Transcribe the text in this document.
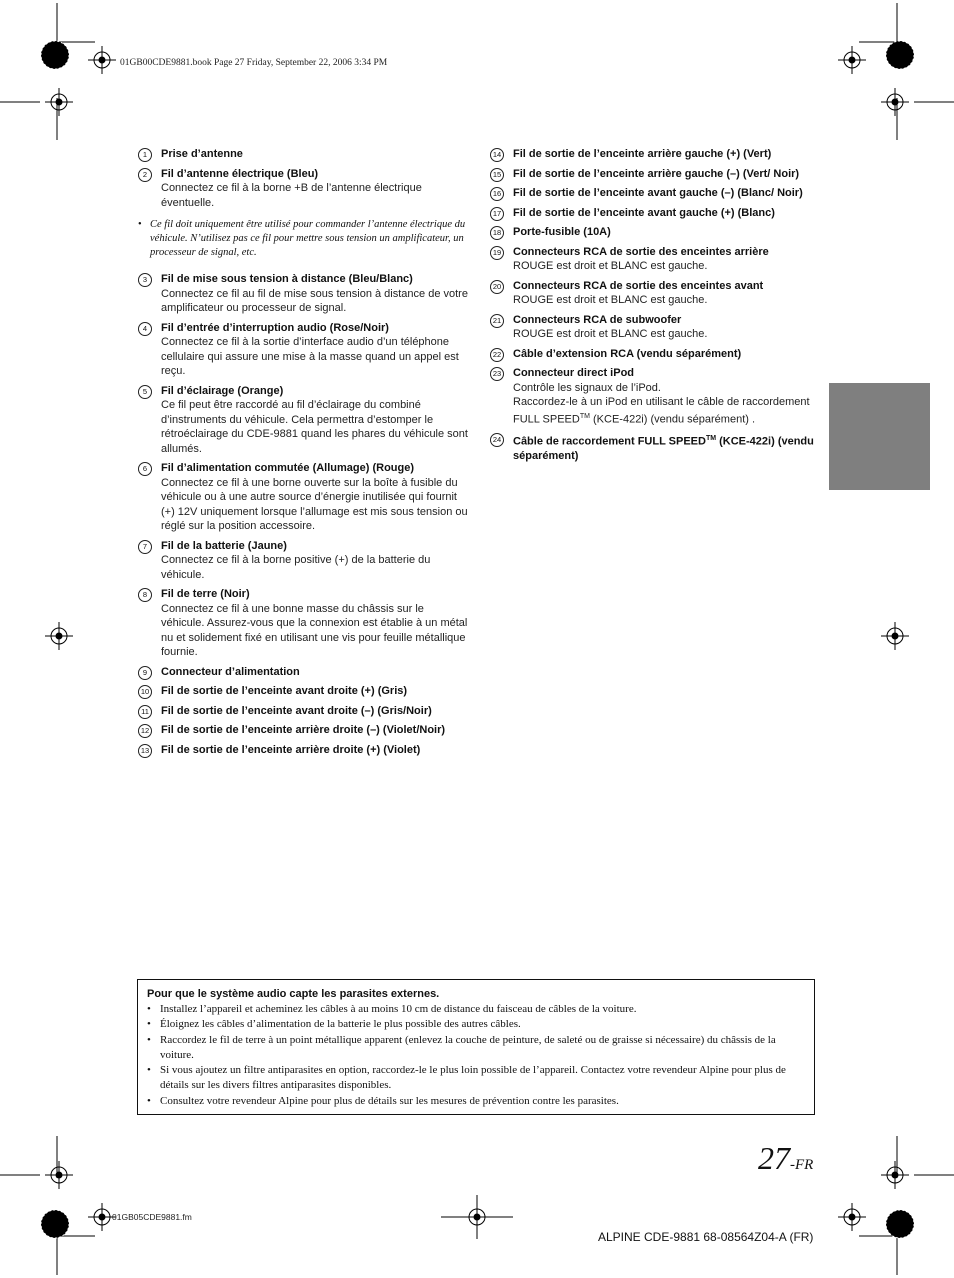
01GB00CDE9881.book Page 27 Friday, September 22, 2006 3:34 PM
1	Prise d’antenne
2	Fil d’antenne électrique (Bleu)
Connectez ce fil à la borne +B de l’antenne électrique éventuelle.
• Ce fil doit uniquement être utilisé pour commander l’antenne électrique du véhicule. N’utilisez pas ce fil pour mettre sous tension un amplificateur, un processeur de signal, etc.
3	Fil de mise sous tension à distance (Bleu/Blanc)
Connectez ce fil au fil de mise sous tension à distance de votre amplificateur ou processeur de signal.
4	Fil d’entrée d’interruption audio (Rose/Noir)
Connectez ce fil à la sortie d’interface audio d’un téléphone cellulaire qui assure une mise à la masse quand un appel est reçu.
5	Fil d’éclairage (Orange)
Ce fil peut être raccordé au fil d’éclairage du combiné d’instruments du véhicule. Cela permettra d’estomper le rétroéclairage du CDE-9881 quand les phares du véhicule sont allumés.
6	Fil d’alimentation commutée (Allumage) (Rouge)
Connectez ce fil à une borne ouverte sur la boîte à fusible du véhicule ou à une autre source d’énergie inutilisée qui fournit (+) 12V uniquement lorsque l’allumage est mis sous tension ou réglé sur la position accessoire.
7	Fil de la batterie (Jaune)
Connectez ce fil à la borne positive (+) de la batterie du véhicule.
8	Fil de terre (Noir)
Connectez ce fil à une bonne masse du châssis sur le véhicule. Assurez-vous que la connexion est établie à un métal nu et solidement fixé en utilisant une vis pour feuille métallique fournie.
9	Connecteur d’alimentation
10 Fil de sortie de l’enceinte avant droite (+) (Gris)
11 Fil de sortie de l’enceinte avant droite (–) (Gris/Noir)
12 Fil de sortie de l’enceinte arrière droite (–) (Violet/Noir)
13 Fil de sortie de l’enceinte arrière droite (+) (Violet)
14 Fil de sortie de l’enceinte arrière gauche (+) (Vert)
15 Fil de sortie de l’enceinte arrière gauche (–) (Vert/ Noir)
16 Fil de sortie de l’enceinte avant gauche (–) (Blanc/ Noir)
17 Fil de sortie de l’enceinte avant gauche (+) (Blanc)
18 Porte-fusible (10A)
19 Connecteurs RCA de sortie des enceintes arrière
ROUGE est droit et BLANC est gauche.
20 Connecteurs RCA de sortie des enceintes avant
ROUGE est droit et BLANC est gauche.
21 Connecteurs RCA de subwoofer
ROUGE est droit et BLANC est gauche.
22 Câble d’extension RCA (vendu séparément)
23 Connecteur direct iPod
Contrôle les signaux de l’iPod.
Raccordez-le à un iPod en utilisant le câble de raccordement FULL SPEED™ (KCE-422i) (vendu séparément) .
24 Câble de raccordement FULL SPEED™ (KCE-422i) (vendu séparément)
Pour que le système audio capte les parasites externes.
• Installez l’appareil et acheminez les câbles à au moins 10 cm de distance du faisceau de câbles de la voiture.
• Éloignez les câbles d’alimentation de la batterie le plus possible des autres câbles.
• Raccordez le fil de terre à un point métallique apparent (enlevez la couche de peinture, de saleté ou de graisse si nécessaire) du châssis de la voiture.
• Si vous ajoutez un filtre antiparasites en option, raccordez-le le plus loin possible de l’appareil. Contactez votre revendeur Alpine pour plus de détails sur les divers filtres antiparasites disponibles.
• Consultez votre revendeur Alpine pour plus de détails sur les mesures de prévention contre les parasites.
27-FR
01GB05CDE9881.fm
ALPINE CDE-9881 68-08564Z04-A (FR)
